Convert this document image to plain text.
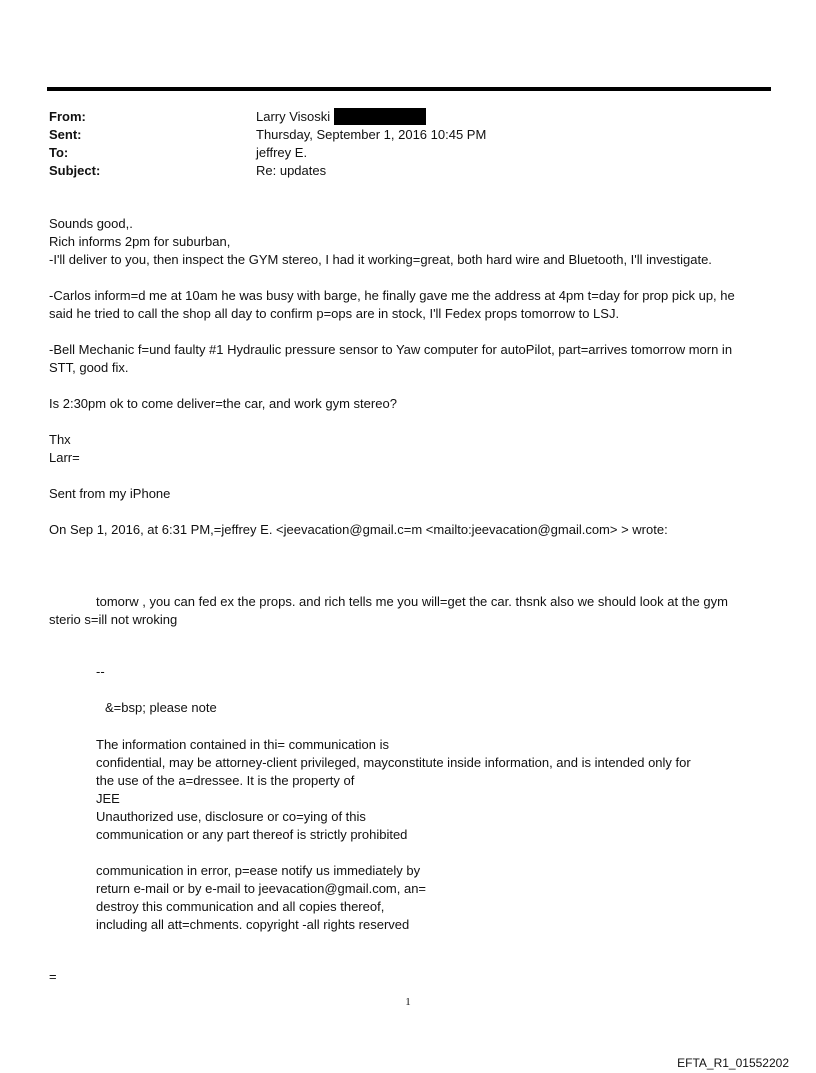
From:	Larry Visoski
Sent:	Thursday, September 1, 2016 10:45 PM
To:	jeffrey E.
Subject:	Re: updates
Sounds good,.
Rich informs 2pm for suburban,
-I'll deliver to you, then inspect the GYM stereo, I had it working=great, both hard wire and Bluetooth, I'll investigate.
-Carlos inform=d me at 10am he was busy with barge, he finally gave me the address at 4pm t=day for prop pick up, he
said he tried to call the shop all day to confirm p=ops are in stock, I'll Fedex props tomorrow to LSJ.
-Bell Mechanic f=und faulty #1 Hydraulic pressure sensor to Yaw computer for autoPilot, part=arrives tomorrow morn in
STT, good fix.
Is 2:30pm ok to come deliver=the car, and work gym stereo?
Thx
Larr=
Sent from my iPhone
On Sep 1, 2016, at 6:31 PM,=jeffrey E. <jeevacation@gmail.c=m <mailto:jeevacation@gmail.com> > wrote:
tomorw , you can fed ex the props. and rich tells me you will=get the car. thsnk also we should look at the gym
sterio s=ill not wroking
--
&=bsp; please note
The information contained in thi= communication is
confidential, may be attorney-client privileged, mayconstitute inside information, and is intended only for
the use of the a=dressee. It is the property of
JEE
Unauthorized use, disclosure or co=ying of this
communication or any part thereof is strictly prohibited
communication in error, p=ease notify us immediately by
return e-mail or by e-mail to jeevacation@gmail.com, an=
destroy this communication and all copies thereof,
including all att=chments. copyright -all rights reserved
=
1
EFTA_R1_01552202
